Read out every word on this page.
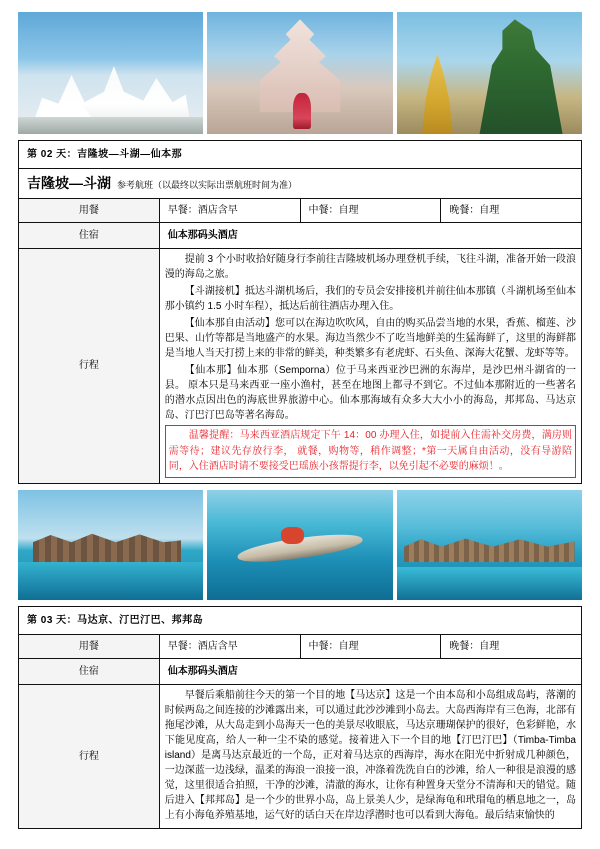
第 02 天：吉隆坡—斗湖—仙本那			
吉隆坡—斗湖 参考航班（以最终以实际出票航班时间为准）			
用餐	早餐：酒店含早	中餐：自理	晚餐：自理
住宿	仙本那码头酒店		
行程	提前 3 个小时收拾好随身行李前往吉隆坡机场办理登机手续，飞往斗湖，准备开始一段浪漫的海岛之旅。

【斗湖接机】抵达斗湖机场后，我们的专员会安排接机并前往仙本那镇（斗湖机场至仙本那小镇约 1.5 小时车程），抵达后前往酒店办理入住。

【仙本那自由活动】您可以在海边吹吹风，自由的购买品尝当地的水果，香蕉、榴莲、沙巴果、山竹等都是当地盛产的水果。海边当然少不了吃当地鲜美的生猛海鲜了，这里的海鲜都是当地人当天打捞上来的非常的鲜美，种类繁多有老虎虾、石头鱼、深海大花蟹、龙虾等等。

【仙本那】仙本那（Semporna）位于马来西亚沙巴洲的东海岸，是沙巴州斗湖省的一县。 原本只是马来西亚一座小渔村，甚至在地图上都寻不到它。不过仙本那附近的一些著名的潜水点因出色的海底世界旅游中心。仙本那海域有众多大大小小的海岛，邦邦岛、马达京岛、汀巴汀巴岛等著名海岛。

温馨提醒：马来西亚酒店规定下午 14：00 办理入住，如提前入住需补交房费，满房则需等待；建议先存放行李， 就餐，购物等，稍作调整；*第一天属自由活动，没有导游陪同，入住酒店时请不要接受巴瑶族小孩帮提行李，以免引起不必要的麻烦！。		

第 03 天：马达京、汀巴汀巴、邦邦岛			
用餐	早餐：酒店含早	中餐：自理	晚餐：自理
住宿	仙本那码头酒店		
行程	早餐后乘船前往今天的第一个目的地【马达京】这是一个由本岛和小岛组成岛屿，落潮的时候两岛之间连接的沙滩露出来，可以通过此沙沙滩到小岛去。大岛西海岸有三色海，北部有拖尾沙滩，从大岛走到小岛海天一色的美景尽收眼底，马达京珊瑚保护的很好，色彩鲜艳，水下能见度高，给人一种一尘不染的感觉。接着进入下一个目的地【汀巴汀巴】（Timba-Timba island）是离马达京最近的一个岛，正对着马达京的西海岸，海水在阳光中折射成几种颜色，一边深蓝一边浅绿，温柔的海浪一浪接一浪，冲涤着洗洗自白的沙滩，给人一种很是浪漫的感觉，这里很适合拍照，干净的沙滩，清澈的海水，让你有种置身天堂分不清海和天的错觉。随后进入【邦邦岛】是一个少的世界小岛，岛上景美人少，是绿海龟和玳瑁龟的栖息地之一，岛上有小海龟养殖基地，运气好的话白天在岸边浮潜时也可以看到大海龟。最后结束愉快的		
